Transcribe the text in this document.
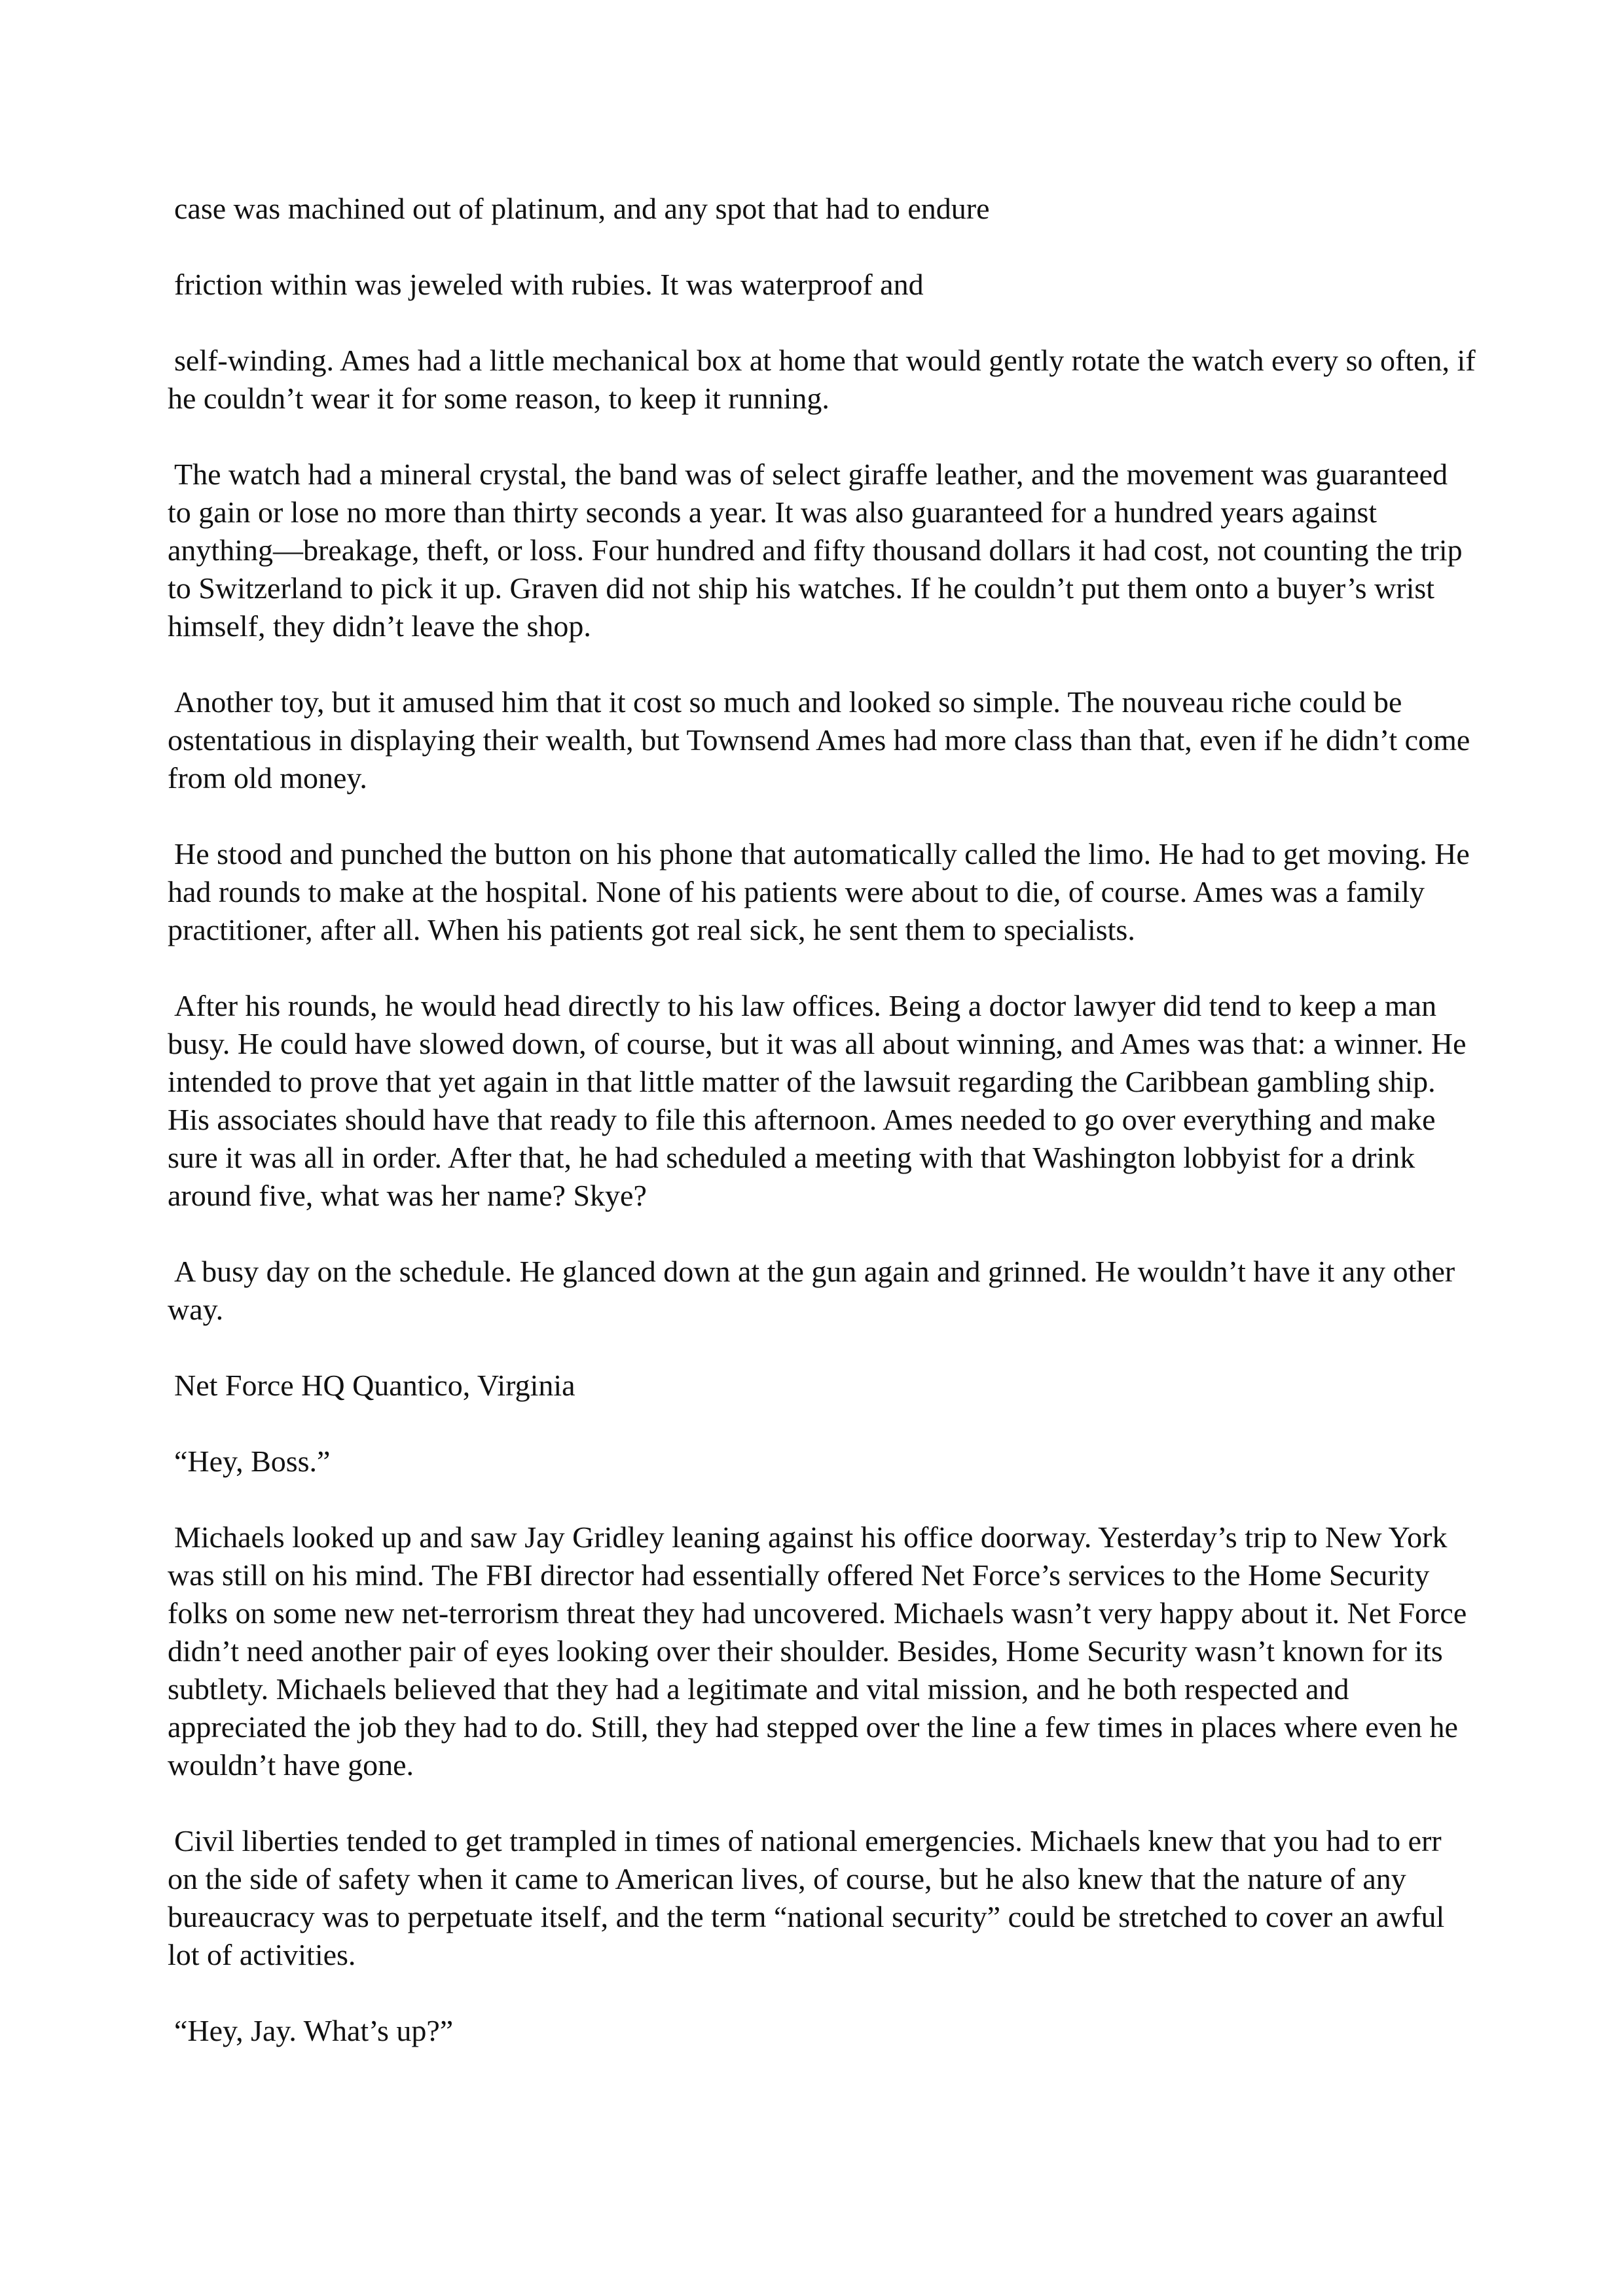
case was machined out of platinum, and any spot that had to endure

friction within was jeweled with rubies. It was waterproof and

self-winding. Ames had a little mechanical box at home that would gently rotate the watch every so often, if he couldn’t wear it for some reason, to keep it running.

The watch had a mineral crystal, the band was of select giraffe leather, and the movement was guaranteed to gain or lose no more than thirty seconds a year. It was also guaranteed for a hundred years against anything—breakage, theft, or loss. Four hundred and fifty thousand dollars it had cost, not counting the trip to Switzerland to pick it up. Graven did not ship his watches. If he couldn’t put them onto a buyer’s wrist himself, they didn’t leave the shop.

Another toy, but it amused him that it cost so much and looked so simple. The nouveau riche could be ostentatious in displaying their wealth, but Townsend Ames had more class than that, even if he didn’t come from old money.

He stood and punched the button on his phone that automatically called the limo. He had to get moving. He had rounds to make at the hospital. None of his patients were about to die, of course. Ames was a family practitioner, after all. When his patients got real sick, he sent them to specialists.

After his rounds, he would head directly to his law offices. Being a doctor lawyer did tend to keep a man busy. He could have slowed down, of course, but it was all about winning, and Ames was that: a winner. He intended to prove that yet again in that little matter of the lawsuit regarding the Caribbean gambling ship. His associates should have that ready to file this afternoon. Ames needed to go over everything and make sure it was all in order. After that, he had scheduled a meeting with that Washington lobbyist for a drink around five, what was her name? Skye?

A busy day on the schedule. He glanced down at the gun again and grinned. He wouldn’t have it any other way.

Net Force HQ Quantico, Virginia

“Hey, Boss.”

Michaels looked up and saw Jay Gridley leaning against his office doorway. Yesterday’s trip to New York was still on his mind. The FBI director had essentially offered Net Force’s services to the Home Security folks on some new net-terrorism threat they had uncovered. Michaels wasn’t very happy about it. Net Force didn’t need another pair of eyes looking over their shoulder. Besides, Home Security wasn’t known for its subtlety. Michaels believed that they had a legitimate and vital mission, and he both respected and appreciated the job they had to do. Still, they had stepped over the line a few times in places where even he wouldn’t have gone.

Civil liberties tended to get trampled in times of national emergencies. Michaels knew that you had to err on the side of safety when it came to American lives, of course, but he also knew that the nature of any bureaucracy was to perpetuate itself, and the term “national security” could be stretched to cover an awful lot of activities.

“Hey, Jay. What’s up?”
